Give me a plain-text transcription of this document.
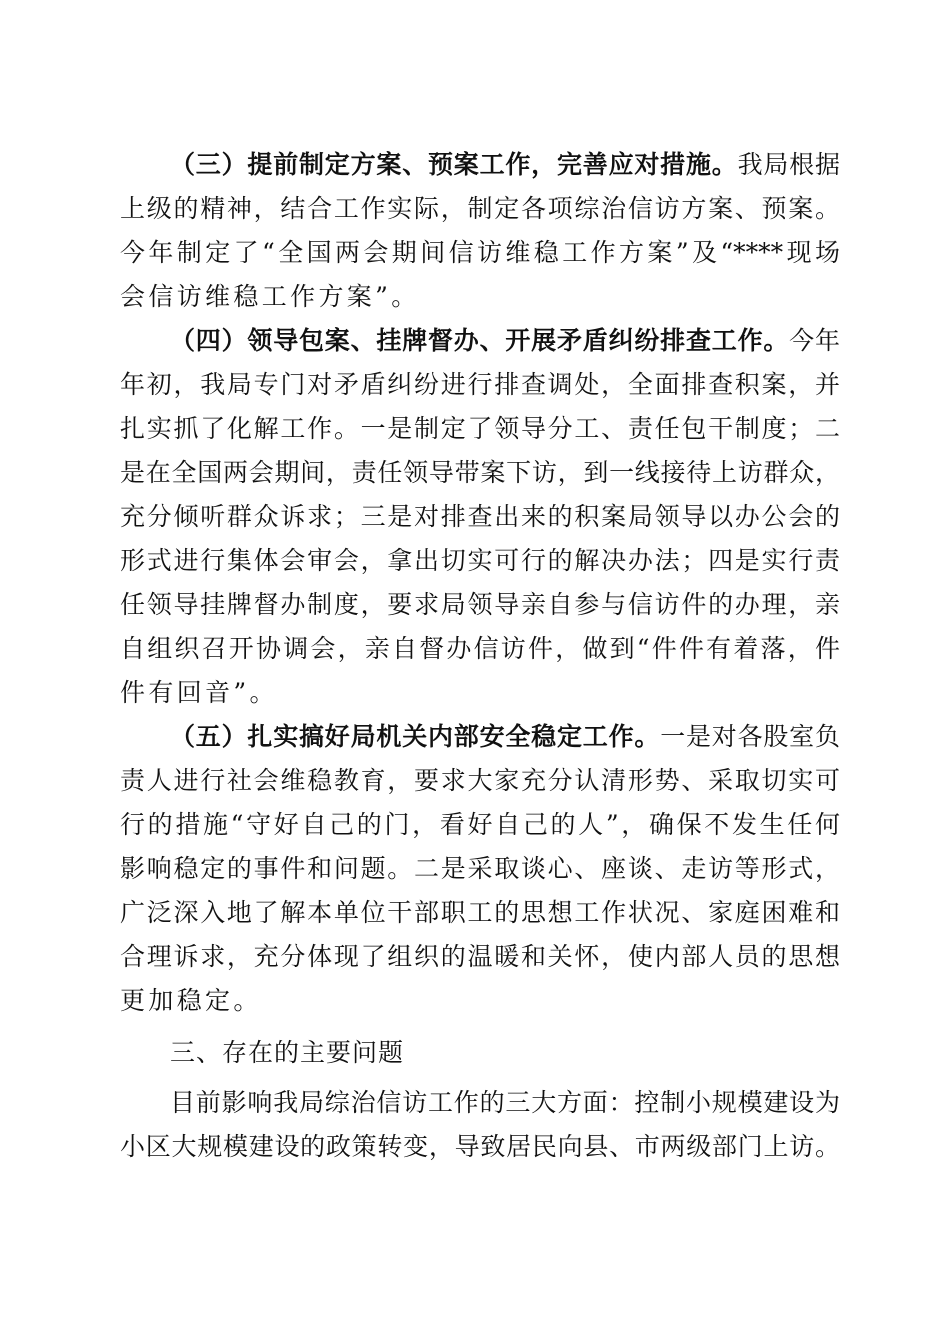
（三）提前制定方案、预案工作，完善应对措施。我局根据
上级的精神，结合工作实际，制定各项综治信访方案、预案。
今年制定了“全国两会期间信访维稳工作方案”及“****现场
会信访维稳工作方案”。
（四）领导包案、挂牌督办、开展矛盾纠纷排查工作。今年
年初，我局专门对矛盾纠纷进行排查调处，全面排查积案，并
扎实抓了化解工作。一是制定了领导分工、责任包干制度；二
是在全国两会期间，责任领导带案下访，到一线接待上访群众，
充分倾听群众诉求；三是对排查出来的积案局领导以办公会的
形式进行集体会审会，拿出切实可行的解决办法；四是实行责
任领导挂牌督办制度，要求局领导亲自参与信访件的办理，亲
自组织召开协调会，亲自督办信访件，做到“件件有着落，件
件有回音”。
（五）扎实搞好局机关内部安全稳定工作。一是对各股室负
责人进行社会维稳教育，要求大家充分认清形势、采取切实可
行的措施“守好自己的门，看好自己的人”，确保不发生任何
影响稳定的事件和问题。二是采取谈心、座谈、走访等形式，
广泛深入地了解本单位干部职工的思想工作状况、家庭困难和
合理诉求，充分体现了组织的温暖和关怀，使内部人员的思想
更加稳定。
三、存在的主要问题
目前影响我局综治信访工作的三大方面：控制小规模建设为
小区大规模建设的政策转变，导致居民向县、市两级部门上访。
